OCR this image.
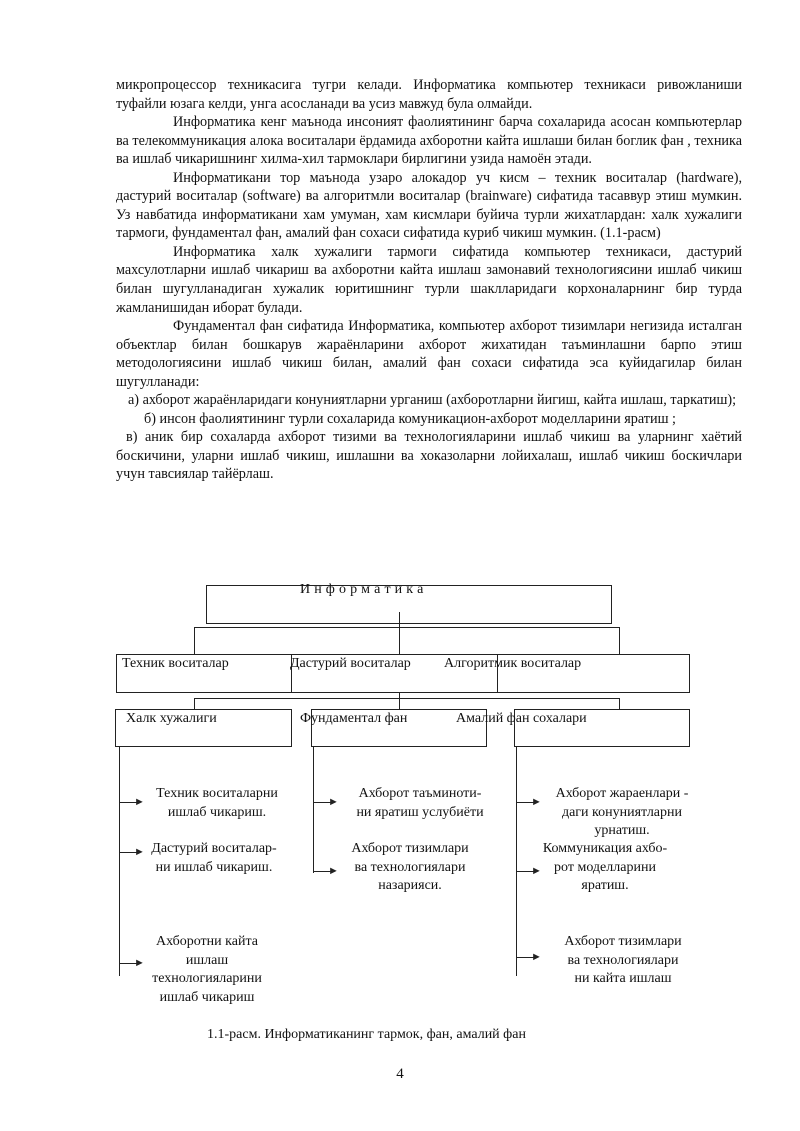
микропроцессор техникасига тугри келади. Информатика компьютер техникаси ривожланиши туфайли юзага келди, унга асосланади ва усиз мавжуд була олмайди.

Информатика кенг маънода инсоният фаолиятининг барча сохаларида асосан компьютерлар ва телекоммуникация алока воситалари ёрдамида ахборотни кайта ишлаши билан боглик фан , техника ва ишлаб чикаришнинг хилма-хил тармоклари бирлигини узида намоён этади.

Информатикани тор маънода узаро алокадор уч кисм – техник воситалар (hardware), дастурий воситалар (software) ва алгоритмли воситалар (brainware) сифатида тасаввур этиш мумкин. Уз навбатида информатикани хам умуман, хам кисмлари буйича турли жихатлардан: халк хужалиги тармоги, фундаментал фан, амалий фан сохаси сифатида куриб чикиш мумкин. (1.1-расм)

Информатика халк хужалиги тармоги сифатида компьютер техникаси, дастурий махсулотларни ишлаб чикариш ва ахборотни кайта ишлаш замонавий технологиясини ишлаб чикиш билан шугулланадиган хужалик юритишнинг турли шаклларидаги корхоналарнинг бир турда жамланишидан иборат булади.

Фундаментал фан сифатида Информатика, компьютер ахборот тизимлари негизида исталган объектлар билан бошкарув жараёнларини ахборот жихатидан таъминлашни барпо этиш методологиясини ишлаб чикиш билан, амалий фан сохаси сифатида эса куйидагилар билан шугулланади:

а) ахборот жараёнларидаги конуниятларни урганиш (ахборотларни йигиш, кайта ишлаш, таркатиш);

б) инсон фаолиятининг турли сохаларида комуникацион-ахборот моделларини яратиш ;

в) аник бир сохаларда ахборот тизими ва технологияларини ишлаб чикиш ва уларнинг хаётий боскичини, уларни ишлаб чикиш, ишлашни ва хоказоларни лойихалаш, ишлаб чикиш боскичлари учун тавсиялар тайёрлаш.

И н ф о р м а т и к а
Техник воситалар	Дастурий воситалар Алгоритмик воситалар
Халк хужалиги	Фундаментал фан	Амалий фан сохалари
►
►
►
►
►
►
►
►
Техник воситаларни
ишлаб чикариш.
Дастурий воситалар-
ни ишлаб чикариш.
Ахборотни кайта
ишлаш
технологияларини
ишлаб чикариш
Ахборот таъминоти-
ни яратиш услубиёти
Ахборот тизимлари
ва технологиялари
назарияси.
Ахборот жараенлари -
даги конуниятларни
урнатиш.
Коммуникация ахбо-
рот моделларини
яратиш.
Ахборот тизимлари
ва технологиялари
ни кайта ишлаш
1.1-расм. Информатиканинг тармок, фан, амалий фан
4
